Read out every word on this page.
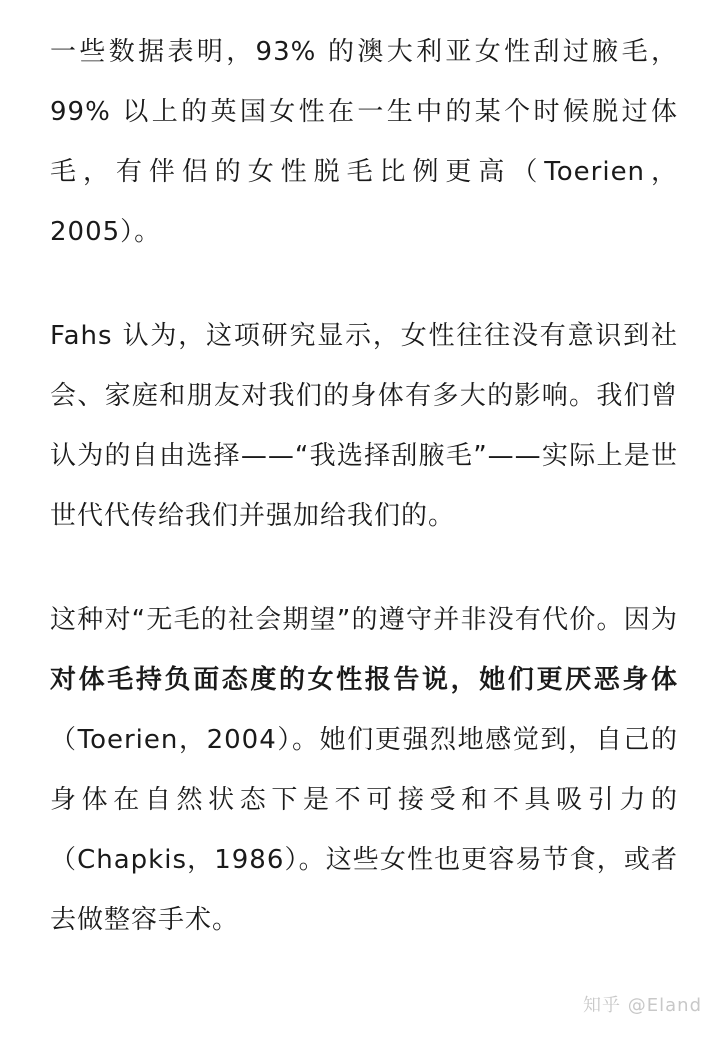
一些数据表明，93% 的澳大利亚女性刮过腋毛，99% 以上的英国女性在一生中的某个时候脱过体毛，有伴侣的女性脱毛比例更高（Toerien，2005）。

Fahs 认为，这项研究显示，女性往往没有意识到社会、家庭和朋友对我们的身体有多大的影响。我们曾认为的自由选择——“我选择刮腋毛”——实际上是世世代代传给我们并强加给我们的。

这种对“无毛的社会期望”的遵守并非没有代价。因为对体毛持负面态度的女性报告说，她们更厌恶身体（Toerien，2004）。她们更强烈地感觉到，自己的身体在自然状态下是不可接受和不具吸引力的（Chapkis，1986）。这些女性也更容易节食，或者去做整容手术。

知乎 @Eland
